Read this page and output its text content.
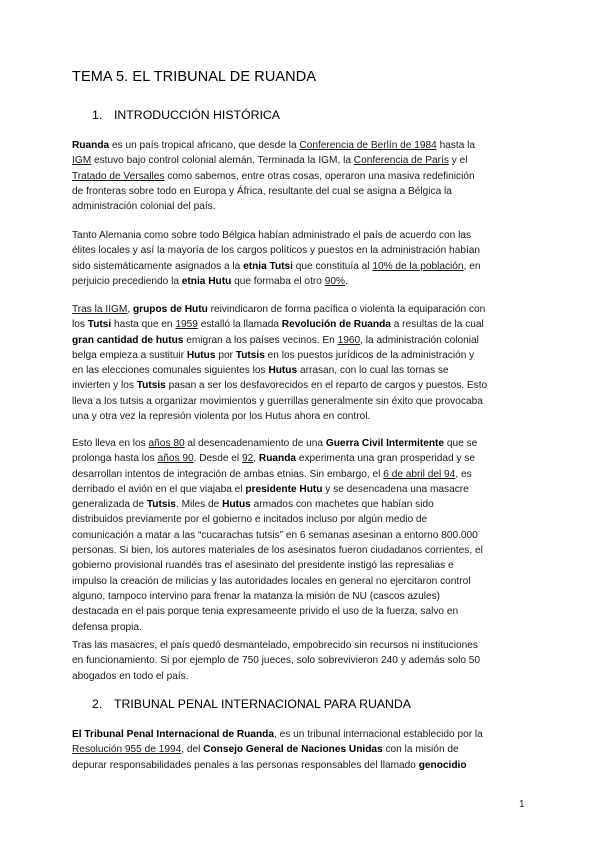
TEMA 5. EL TRIBUNAL DE RUANDA
1. INTRODUCCIÓN HISTÓRICA

Ruanda es un país tropical africano, que desde la Conferencia de Berlín de 1984 hasta la
IGM estuvo bajo control colonial alemán. Terminada la IGM, la Conferencia de París y el
Tratado de Versalles como sabemos, entre otras cosas, operaron una masiva redefinición
de fronteras sobre todo en Europa y África, resultante del cual se asigna a Bélgica la
administración colonial del país.

Tanto Alemania como sobre todo Bélgica habían administrado el país de acuerdo con las
élites locales y así la mayoría de los cargos políticos y puestos en la administración habían
sido sistemáticamente asignados a la etnia Tutsi que constituía al 10% de la población, en
perjuicio precediendo la etnia Hutu que formaba el otro 90%.

Tras la IIGM, grupos de Hutu reivindicaron de forma pacífica o violenta la equiparación con
los Tutsi hasta que en 1959 estalló la llamada Revolución de Ruanda a resultas de la cual
gran cantidad de hutus emigran a los países vecinos. En 1960, la administración colonial
belga empieza a sustituir Hutus por Tutsis en los puestos jurídicos de la administración y
en las elecciones comunales siguientes los Hutus arrasan, con lo cual las tornas se
invierten y los Tutsis pasan a ser los desfavorecidos en el reparto de cargos y puestos. Esto
lleva a los tutsis a organizar movimientos y guerrillas generalmente sin éxito que provocaba
una y otra vez la represión violenta por los Hutus ahora en control.

Esto lleva en los años 80 al desencadenamiento de una Guerra Civil Intermitente que se
prolonga hasta los años 90. Desde el 92, Ruanda experimenta una gran prosperidad y se
desarrollan intentos de integración de ambas etnias. Sin embargo, el 6 de abril del 94, es
derribado el avión en el que viajaba el presidente Hutu y se desencadena una masacre
generalizada de Tutsis. Miles de Hutus armados con machetes que habían sido
distribuidos previamente por el gobierno e incitados incluso por algún medio de
comunicación a matar a las “cucarachas tutsis” en 6 semanas asesinan a entorno 800.000
personas. Si bien, los autores materiales de los asesinatos fueron ciudadanos corrientes, el
gobierno provisional ruandés tras el asesinato del presidente instigó las represalias e
impulso la creación de milicias y las autoridades locales en general no ejercitaron control
alguno, tampoco intervino para frenar la matanza la misión de NU (cascos azules)
destacada en el pais porque tenia expresameente privido el uso de la fuerza, salvo en
defensa propia.

Tras las masacres, el país quedó desmantelado, empobrecido sin recursos ni instituciones
en funcionamiento. Si por ejemplo de 750 jueces, solo sobrevivieron 240 y además solo 50
abogados en todo el país.

2. TRIBUNAL PENAL INTERNACIONAL PARA RUANDA

El Tribunal Penal Internacional de Ruanda, es un tribunal internacional establecido por la
Resolución 955 de 1994, del Consejo General de Naciones Unidas con la misión de
depurar responsabilidades penales a las personas responsables del llamado genocidio

1
